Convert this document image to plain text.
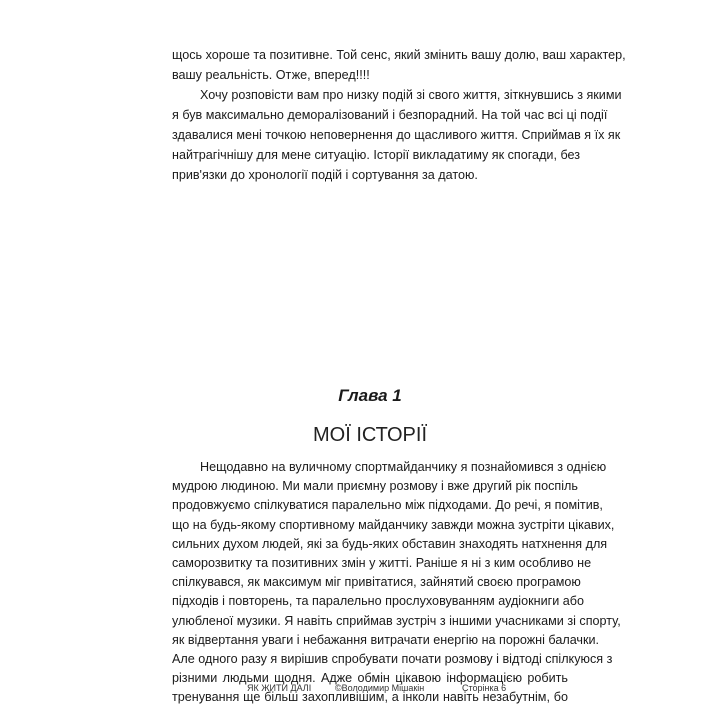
щось хороше та позитивне. Той сенс, який змінить вашу долю, ваш характер,
вашу реальність. Отже, вперед!!!!
Хочу розповісти вам про низку подій зі свого життя, зіткнувшись з якими
я був максимально деморалізований і безпорадний. На той час всі ці події
здавалися мені точкою неповернення до щасливого життя. Сприймав я їх як
найтрагічнішу для мене ситуацію. Історії викладатиму як спогади, без
прив'язки до хронології подій і сортування за датою.
Глава 1
МОЇ ІСТОРІЇ
Нещодавно на вуличному спортмайданчику я познайомився з однією
мудрою людиною. Ми мали приємну розмову і вже другий рік поспіль
продовжуємо спілкуватися паралельно між підходами. До речі, я помітив,
що на будь-якому спортивному майданчику завжди можна зустріти цікавих,
сильних духом людей, які за будь-яких обставин знаходять натхнення для
саморозвитку та позитивних змін у житті. Раніше я ні з ким особливо не
спілкувався, як максимум міг привітатися, зайнятий своєю програмою
підходів і повторень, та паралельно прослуховуванням аудіокниги або
улюбленої музики. Я навіть сприймав зустріч з іншими учасниками зі спорту,
як відвертання уваги і небажання витрачати енергію на порожні балачки.
Але одного разу я вирішив спробувати почати розмову і відтоді спілкуюся з
різними людьми щодня. Адже обмін цікавою інформацією робить
тренування ще більш захопливішим, а інколи навіть незабутнім, бо
ЯК ЖИТИ ДАЛІ	©Володимир Мішакін	Сторінка 6
